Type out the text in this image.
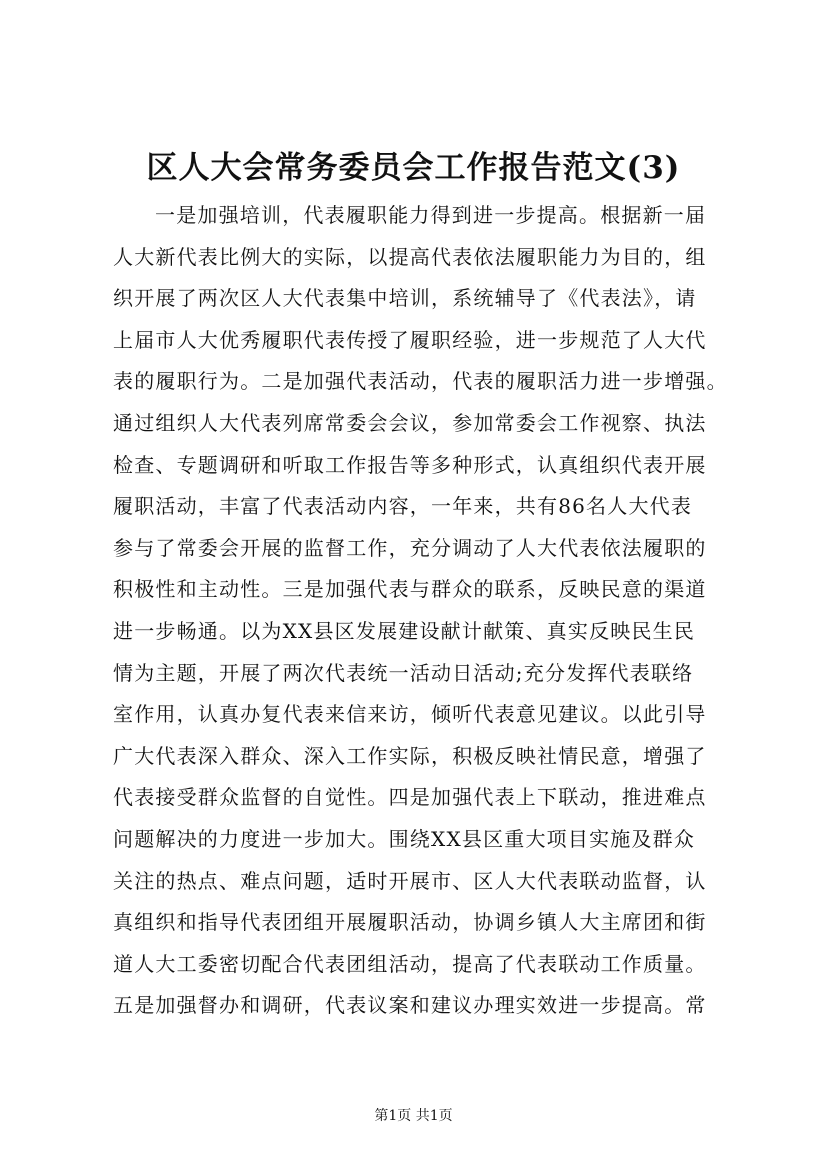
区人大会常务委员会工作报告范文(3)
一是加强培训，代表履职能力得到进一步提高。根据新一届
人大新代表比例大的实际，以提高代表依法履职能力为目的，组
织开展了两次区人大代表集中培训，系统辅导了《代表法》，请
上届市人大优秀履职代表传授了履职经验，进一步规范了人大代
表的履职行为。二是加强代表活动，代表的履职活力进一步增强。
通过组织人大代表列席常委会会议，参加常委会工作视察、执法
检查、专题调研和听取工作报告等多种形式，认真组织代表开展
履职活动，丰富了代表活动内容，一年来，共有86名人大代表
参与了常委会开展的监督工作，充分调动了人大代表依法履职的
积极性和主动性。三是加强代表与群众的联系，反映民意的渠道
进一步畅通。以为XX县区发展建设献计献策、真实反映民生民
情为主题，开展了两次代表统一活动日活动;充分发挥代表联络
室作用，认真办复代表来信来访，倾听代表意见建议。以此引导
广大代表深入群众、深入工作实际，积极反映社情民意，增强了
代表接受群众监督的自觉性。四是加强代表上下联动，推进难点
问题解决的力度进一步加大。围绕XX县区重大项目实施及群众
关注的热点、难点问题，适时开展市、区人大代表联动监督，认
真组织和指导代表团组开展履职活动，协调乡镇人大主席团和街
道人大工委密切配合代表团组活动，提高了代表联动工作质量。
五是加强督办和调研，代表议案和建议办理实效进一步提高。常
第1页 共1页
